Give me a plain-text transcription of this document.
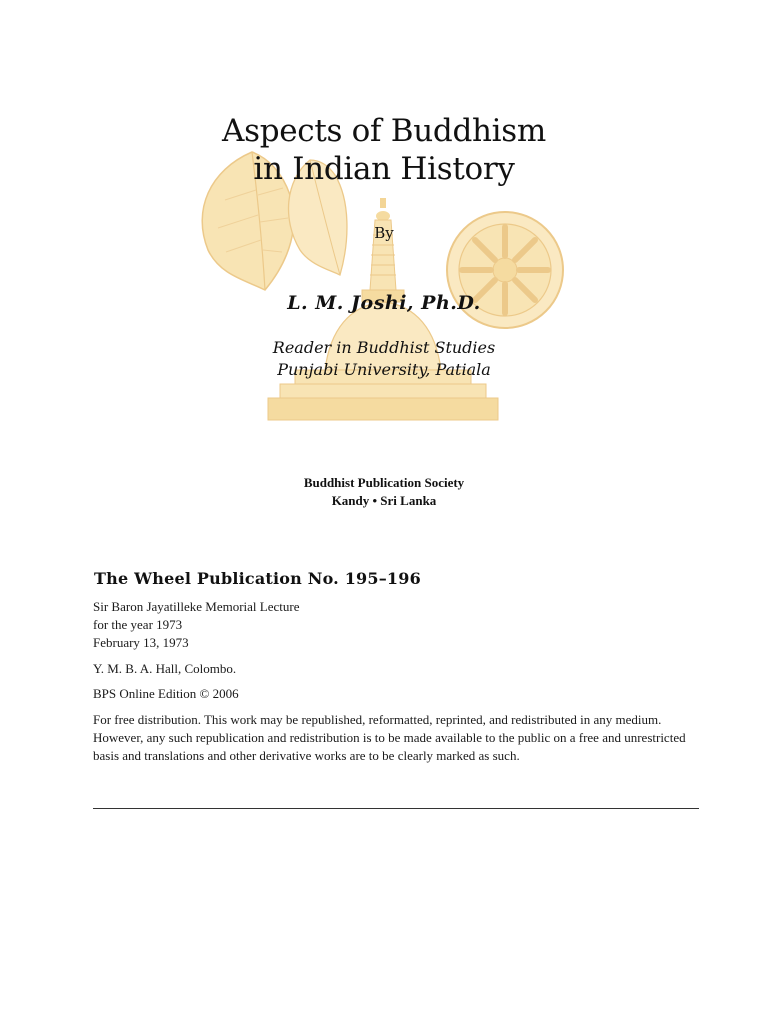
Aspects of Buddhism
in Indian History
By
L. M. Joshi, Ph.D.
Reader in Buddhist Studies
Punjabi University, Patiala
Buddhist Publication Society
Kandy • Sri Lanka
The Wheel Publication No. 195–196

Sir Baron Jayatilleke Memorial Lecture
for the year 1973
February 13, 1973

Y. M. B. A. Hall, Colombo.

BPS Online Edition © 2006

For free distribution. This work may be republished, reformatted, reprinted, and redistributed in any medium. However, any such republication and redistribution is to be made available to the public on a free and unrestricted basis and translations and other derivative works are to be clearly marked as such.
